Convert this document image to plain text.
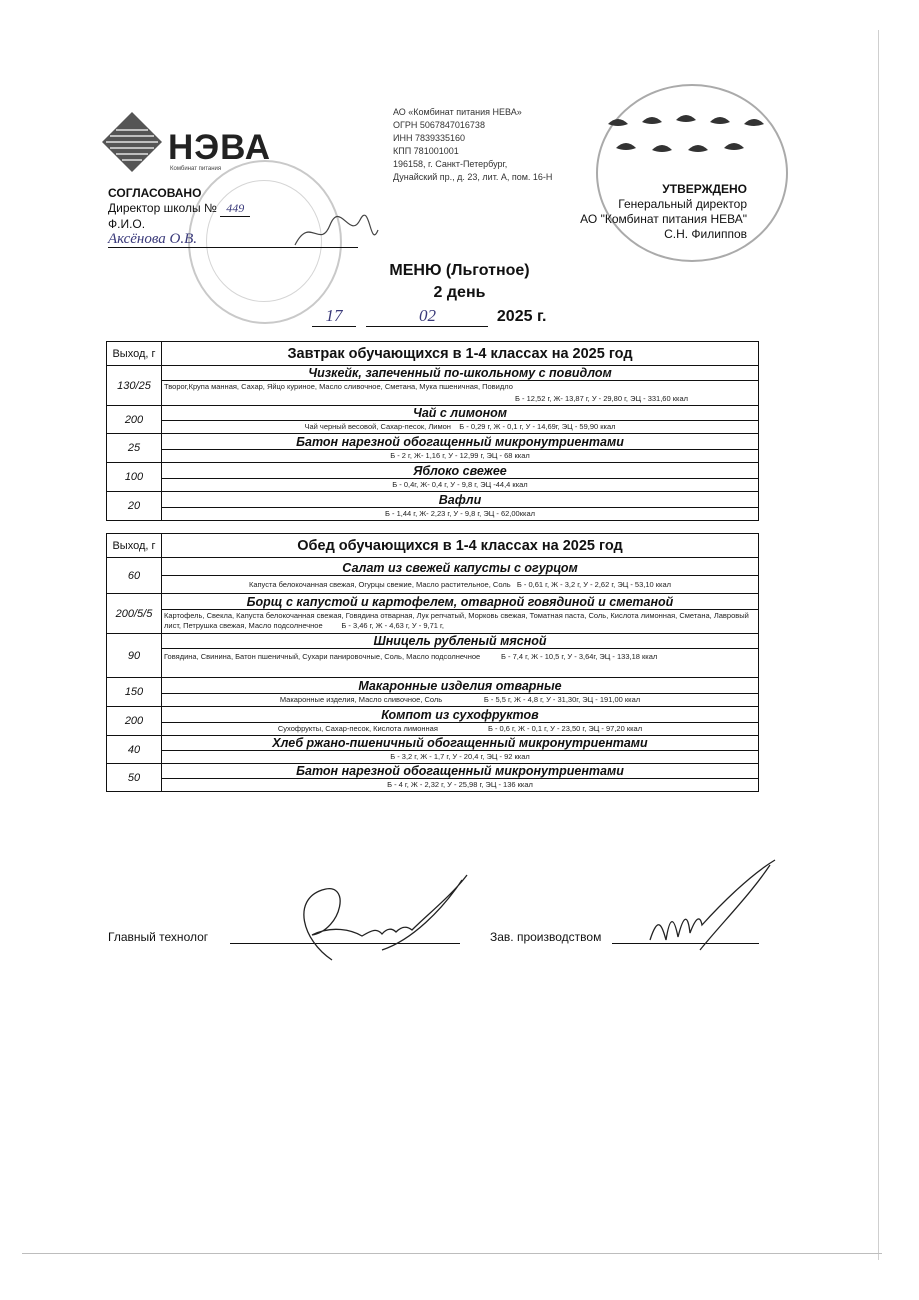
НЭВА
Комбинат питания
АО «Комбинат питания НЕВА»
ОГРН 5067847016738
ИНН 7839335160
КПП 781001001
196158, г. Санкт-Петербург,
Дунайский пр., д. 23, лит. А, пом. 16-Н
СОГЛАСОВАНО
Директор школы № 449
Ф.И.О.
Аксёнова О.В.
УТВЕРЖДЕНО
Генеральный директор
АО "Комбинат питания НЕВА"
С.Н. Филиппов
МЕНЮ (Льготное)
2 день
17	02	2025 г.
Выход, г	Завтрак обучающихся в 1-4 классах на 2025 год
130/25	Чизкейк, запеченный по-школьному с повидлом
Творог,Крупа манная, Сахар, Яйцо куриное, Масло сливочное, Сметана, Мука пшеничная, Повидло
Б - 12,52 г, Ж- 13,87 г, У - 29,80 г, ЭЦ - 331,60 ккал

200	Чай с лимоном
Чай черный весовой, Сахар-песок, Лимон Б - 0,29 г, Ж - 0,1 г, У - 14,69г, ЭЦ - 59,90 ккал

25	Батон нарезной обогащенный микронутриентами
Б - 2 г, Ж- 1,16 г, У - 12,99 г, ЭЦ - 68 ккал

100	Яблоко свежее
Б - 0,4г, Ж- 0,4 г, У - 9,8 г, ЭЦ -44,4 ккал

20	Вафли
Б - 1,44 г, Ж- 2,23 г, У - 9,8 г, ЭЦ - 62,00ккал
Выход, г	Обед обучающихся в 1-4 классах на 2025 год
60	Салат из свежей капусты с огурцом
Капуста белокочанная свежая, Огурцы свежие, Масло растительное, Соль Б - 0,61 г, Ж - 3,2 г, У - 2,62 г, ЭЦ - 53,10 ккал

200/5/5	Борщ с капустой и картофелем, отварной говядиной и сметаной
Картофель, Свекла, Капуста белокочанная свежая, Говядина отварная, Лук репчатый, Морковь свежая, Томатная паста, Соль, Кислота лимонная, Сметана, Лавровый лист, Петрушка свежая, Масло подсолнечное Б - 3,46 г, Ж - 4,63 г, У - 9,71 г,

90	Шницель рубленый мясной
Говядина, Свинина, Батон пшеничный, Сухари панировочные, Соль, Масло подсолнечное Б - 7,4 г, Ж - 10,5 г, У - 3,64г, ЭЦ - 133,18 ккал

150	Макаронные изделия отварные
Макаронные изделия, Масло сливочное, Соль Б - 5,5 г, Ж - 4,8 г, У - 31,30г, ЭЦ - 191,00 ккал

200	Компот из сухофруктов
Сухофрукты, Сахар-песок, Кислота лимонная Б - 0,6 г, Ж - 0,1 г, У - 23,50 г, ЭЦ - 97,20 ккал

40	Хлеб ржано-пшеничный обогащенный микронутриентами
Б - 3,2 г, Ж - 1,7 г, У - 20,4 г, ЭЦ - 92 ккал

50	Батон нарезной обогащенный микронутриентами
Б - 4 г, Ж - 2,32 г, У - 25,98 г, ЭЦ - 136 ккал
Главный технолог	Зав. производством
